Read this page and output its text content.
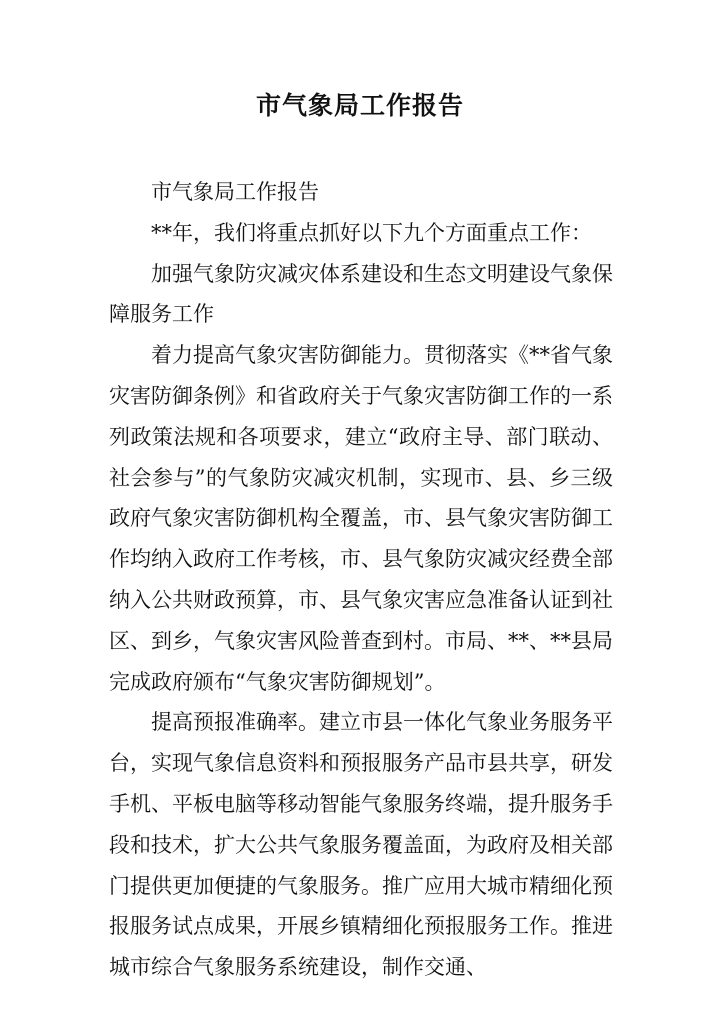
市气象局工作报告

市气象局工作报告

**年，我们将重点抓好以下九个方面重点工作：

加强气象防灾减灾体系建设和生态文明建设气象保障服务工作

着力提高气象灾害防御能力。贯彻落实《**省气象灾害防御条例》和省政府关于气象灾害防御工作的一系列政策法规和各项要求，建立“政府主导、部门联动、社会参与”的气象防灾减灾机制，实现市、县、乡三级政府气象灾害防御机构全覆盖，市、县气象灾害防御工作均纳入政府工作考核，市、县气象防灾减灾经费全部纳入公共财政预算，市、县气象灾害应急准备认证到社区、到乡，气象灾害风险普查到村。市局、**、**县局完成政府颁布“气象灾害防御规划”。

提高预报准确率。建立市县一体化气象业务服务平台，实现气象信息资料和预报服务产品市县共享，研发手机、平板电脑等移动智能气象服务终端，提升服务手段和技术，扩大公共气象服务覆盖面，为政府及相关部门提供更加便捷的气象服务。推广应用大城市精细化预报服务试点成果，开展乡镇精细化预报服务工作。推进城市综合气象服务系统建设，制作交通、
